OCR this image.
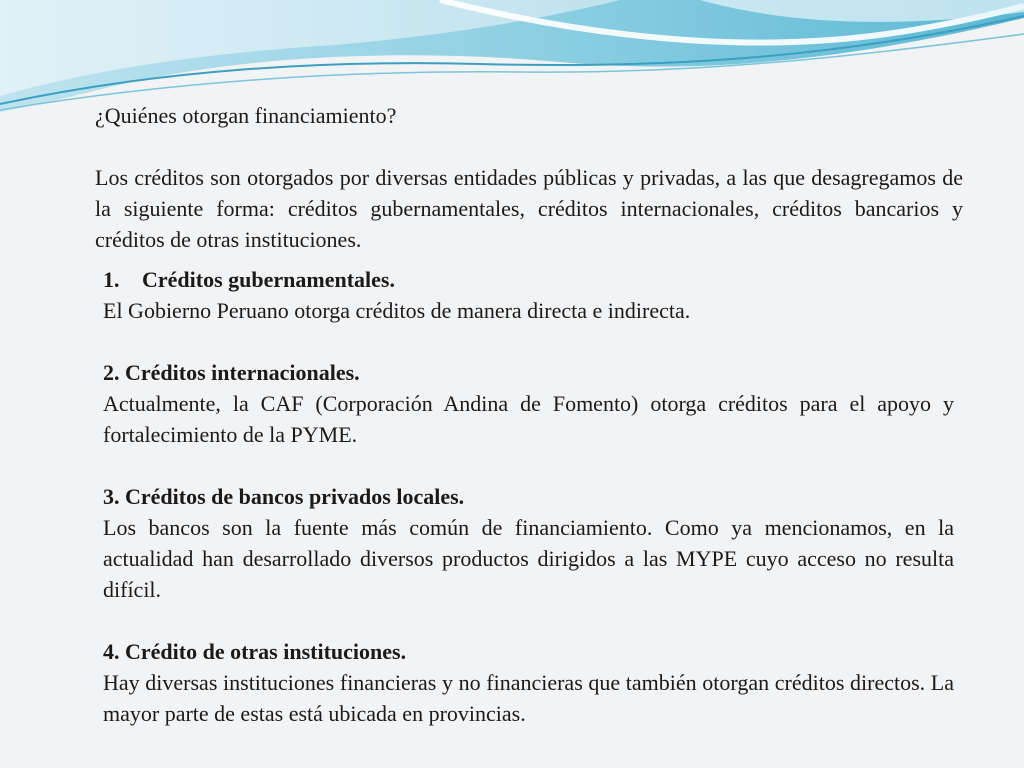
¿Quiénes otorgan financiamiento?

Los créditos son otorgados por diversas entidades públicas y privadas, a las que desagregamos de la siguiente forma: créditos gubernamentales, créditos internacionales, créditos bancarios y créditos de otras instituciones.

1. Créditos gubernamentales.
El Gobierno Peruano otorga créditos de manera directa e indirecta.
2. Créditos internacionales.
Actualmente, la CAF (Corporación Andina de Fomento) otorga créditos para el apoyo y fortalecimiento de la PYME.
3. Créditos de bancos privados locales.
Los bancos son la fuente más común de financiamiento. Como ya mencionamos, en la actualidad han desarrollado diversos productos dirigidos a las MYPE cuyo acceso no resulta difícil.
4. Crédito de otras instituciones.
Hay diversas instituciones financieras y no financieras que también otorgan créditos directos. La mayor parte de estas está ubicada en provincias.
